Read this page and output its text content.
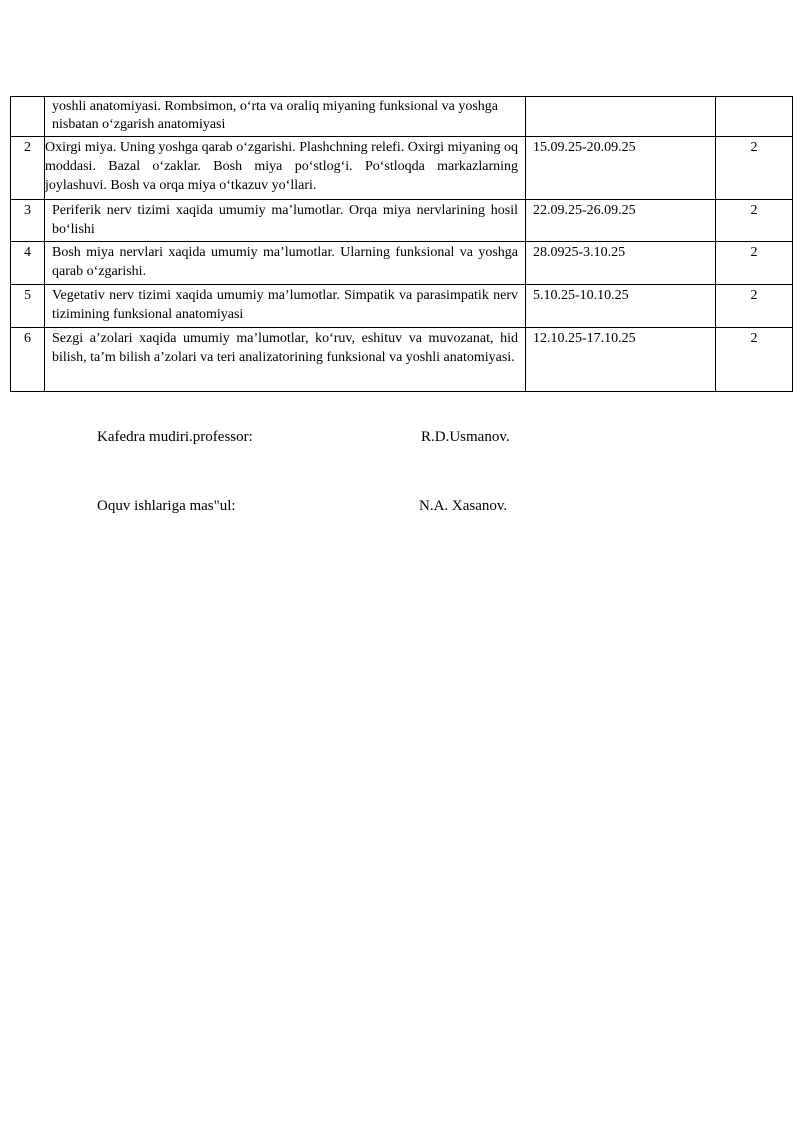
	yoshli anatomiyasi. Rombsimon, o‘rta va oraliq miyaning funksional va yoshga nisbatan o‘zgarish anatomiyasi		
2	Oxirgi miya. Uning yoshga qarab o‘zgarishi. Plashchning relefi. Oxirgi miyaning oq moddasi. Bazal o‘zaklar. Bosh miya po‘stlog‘i. Po‘stloqda markazlarning joylashuvi. Bosh va orqa miya o‘tkazuv yo‘llari.	15.09.25-20.09.25	2
3	Periferik nerv tizimi xaqida umumiy ma’lumotlar. Orqa miya nervlarining hosil bo‘lishi	22.09.25-26.09.25	2
4	Bosh miya nervlari xaqida umumiy ma’lumotlar. Ularning funksional va yoshga qarab o‘zgarishi.	28.0925-3.10.25	2
5	Vegetativ nerv tizimi xaqida umumiy ma’lumotlar. Simpatik va parasimpatik nerv tizimining funksional anatomiyasi	5.10.25-10.10.25	2
6	Sezgi a’zolari xaqida umumiy ma’lumotlar, ko‘ruv, eshituv va muvozanat, hid bilish, ta’m bilish a’zolari va teri analizatorining funksional va yoshli anatomiyasi.	12.10.25-17.10.25	2
Kafedra mudiri.professor:	R.D.Usmanov.
Oquv ishlariga mas"ul:	N.A. Xasanov.
